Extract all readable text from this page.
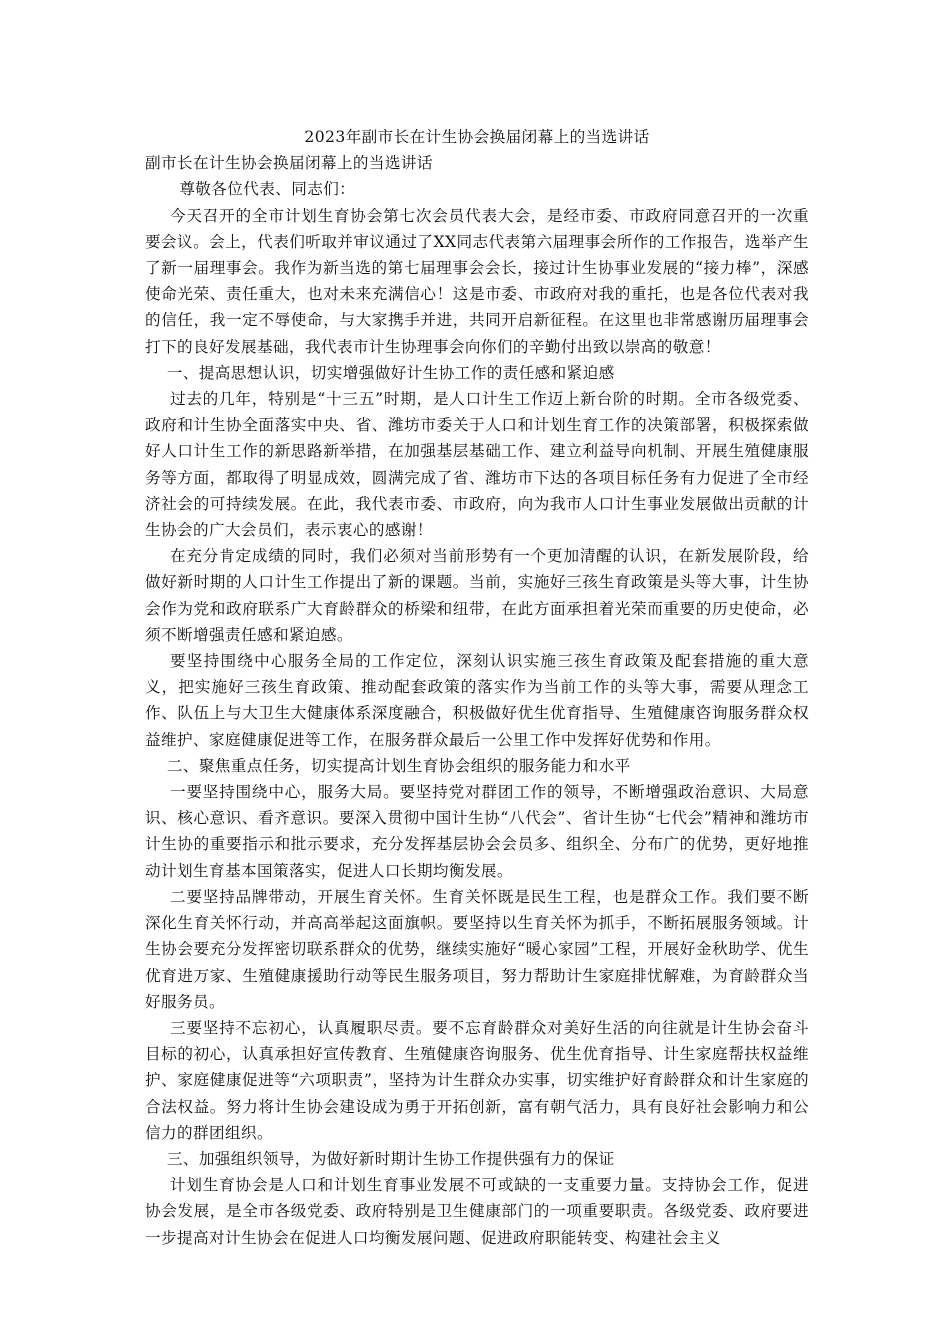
2023年副市长在计生协会换届闭幕上的当选讲话

副市长在计生协会换届闭幕上的当选讲话

尊敬各位代表、同志们：

今天召开的全市计划生育协会第七次会员代表大会，是经市委、市政府同意召开的一次重要会议。会上，代表们听取并审议通过了XX同志代表第六届理事会所作的工作报告，选举产生了新一届理事会。我作为新当选的第七届理事会会长，接过计生协事业发展的“接力棒”，深感使命光荣、责任重大，也对未来充满信心！这是市委、市政府对我的重托，也是各位代表对我的信任，我一定不辱使命，与大家携手并进，共同开启新征程。在这里也非常感谢历届理事会打下的良好发展基础，我代表市计生协理事会向你们的辛勤付出致以崇高的敬意！

一、提高思想认识，切实增强做好计生协工作的责任感和紧迫感

过去的几年，特别是“十三五”时期，是人口计生工作迈上新台阶的时期。全市各级党委、政府和计生协全面落实中央、省、潍坊市委关于人口和计划生育工作的决策部署，积极探索做好人口计生工作的新思路新举措，在加强基层基础工作、建立利益导向机制、开展生殖健康服务等方面，都取得了明显成效，圆满完成了省、潍坊市下达的各项目标任务有力促进了全市经济社会的可持续发展。在此，我代表市委、市政府，向为我市人口计生事业发展做出贡献的计生协会的广大会员们，表示衷心的感谢！

在充分肯定成绩的同时，我们必须对当前形势有一个更加清醒的认识，在新发展阶段，给做好新时期的人口计生工作提出了新的课题。当前，实施好三孩生育政策是头等大事，计生协会作为党和政府联系广大育龄群众的桥梁和纽带，在此方面承担着光荣而重要的历史使命，必须不断增强责任感和紧迫感。

要坚持围绕中心服务全局的工作定位，深刻认识实施三孩生育政策及配套措施的重大意义，把实施好三孩生育政策、推动配套政策的落实作为当前工作的头等大事，需要从理念工作、队伍上与大卫生大健康体系深度融合，积极做好优生优育指导、生殖健康咨询服务群众权益维护、家庭健康促进等工作，在服务群众最后一公里工作中发挥好优势和作用。

二、聚焦重点任务，切实提高计划生育协会组织的服务能力和水平

一要坚持围绕中心，服务大局。要坚持党对群团工作的领导，不断增强政治意识、大局意识、核心意识、看齐意识。要深入贯彻中国计生协“八代会”、省计生协“七代会”精神和潍坊市计生协的重要指示和批示要求，充分发挥基层协会会员多、组织全、分布广的优势，更好地推动计划生育基本国策落实，促进人口长期均衡发展。

二要坚持品牌带动，开展生育关怀。生育关怀既是民生工程，也是群众工作。我们要不断深化生育关怀行动，并高高举起这面旗帜。要坚持以生育关怀为抓手，不断拓展服务领域。计生协会要充分发挥密切联系群众的优势，继续实施好“暖心家园”工程，开展好金秋助学、优生优育进万家、生殖健康援助行动等民生服务项目，努力帮助计生家庭排忧解难，为育龄群众当好服务员。

三要坚持不忘初心，认真履职尽责。要不忘育龄群众对美好生活的向往就是计生协会奋斗目标的初心，认真承担好宣传教育、生殖健康咨询服务、优生优育指导、计生家庭帮扶权益维护、家庭健康促进等“六项职责”，坚持为计生群众办实事，切实维护好育龄群众和计生家庭的合法权益。努力将计生协会建设成为勇于开拓创新，富有朝气活力，具有良好社会影响力和公信力的群团组织。

三、加强组织领导，为做好新时期计生协工作提供强有力的保证

计划生育协会是人口和计划生育事业发展不可或缺的一支重要力量。支持协会工作，促进协会发展，是全市各级党委、政府特别是卫生健康部门的一项重要职责。各级党委、政府要进一步提高对计生协会在促进人口均衡发展问题、促进政府职能转变、构建社会主义
